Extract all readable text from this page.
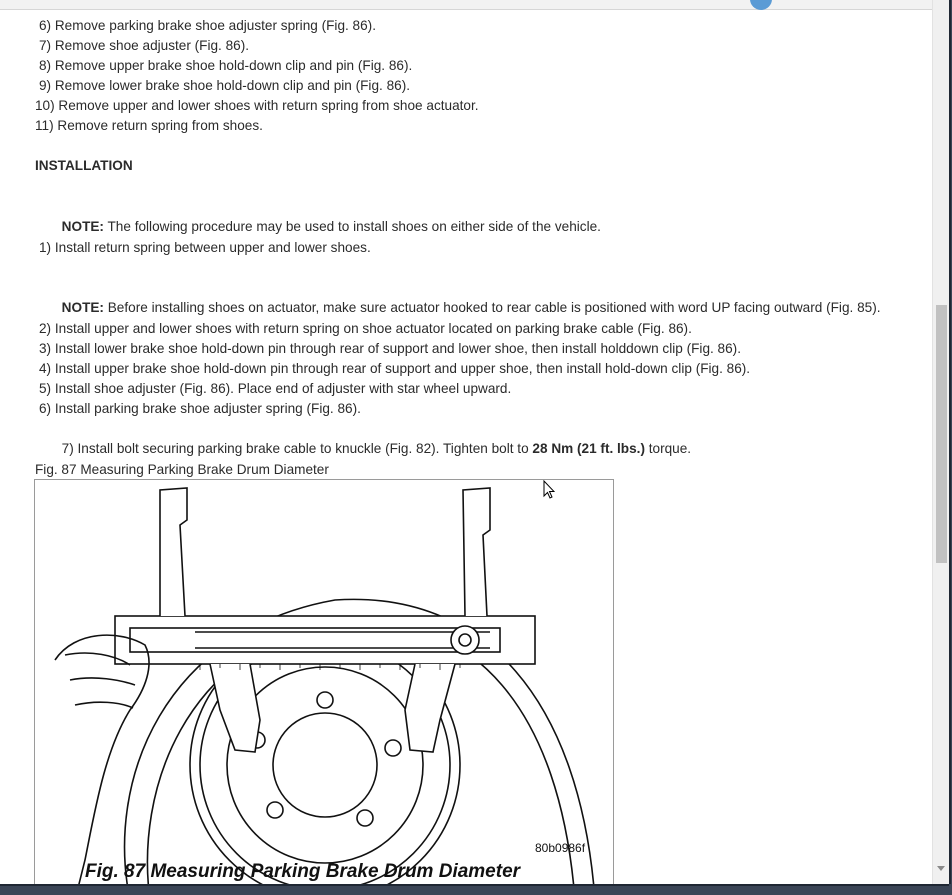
6) Remove parking brake shoe adjuster spring (Fig. 86).
7) Remove shoe adjuster (Fig. 86).
8) Remove upper brake shoe hold-down clip and pin (Fig. 86).
9) Remove lower brake shoe hold-down clip and pin (Fig. 86).
10) Remove upper and lower shoes with return spring from shoe actuator.
11) Remove return spring from shoes.
INSTALLATION

NOTE: The following procedure may be used to install shoes on either side of the vehicle.

1) Install return spring between upper and lower shoes.

NOTE: Before installing shoes on actuator, make sure actuator hooked to rear cable is positioned with word UP facing outward (Fig. 85).

2) Install upper and lower shoes with return spring on shoe actuator located on parking brake cable (Fig. 86).
3) Install lower brake shoe hold-down pin through rear of support and lower shoe, then install holddown clip (Fig. 86).
4) Install upper brake shoe hold-down pin through rear of support and upper shoe, then install hold-down clip (Fig. 86).
5) Install shoe adjuster (Fig. 86). Place end of adjuster with star wheel upward.
6) Install parking brake shoe adjuster spring (Fig. 86).

7) Install bolt securing parking brake cable to knuckle (Fig. 82). Tighten bolt to 28 Nm (21 ft. lbs.) torque.

Fig. 87 Measuring Parking Brake Drum Diameter
80b0986f
Fig. 87 Measuring Parking Brake Drum Diameter
